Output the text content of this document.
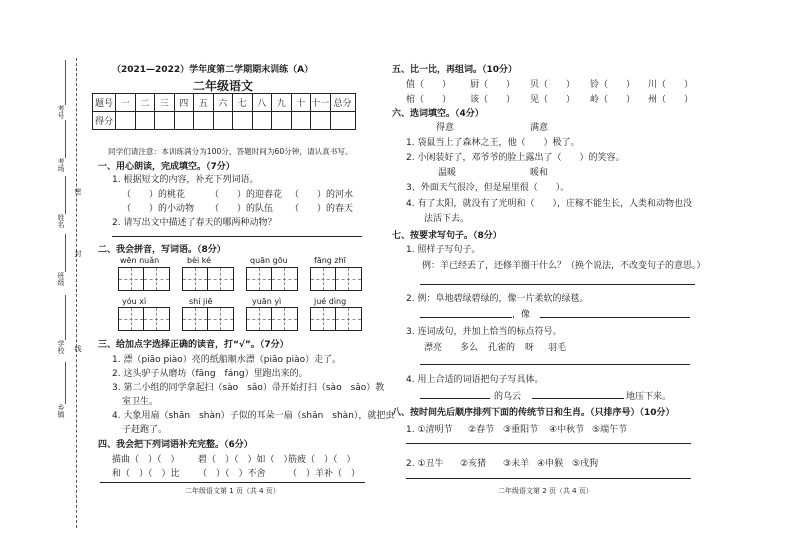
考号
考场
密
姓名
封
班级
线
学校
乡镇
（2021—2022）学年度第二学期期末训练（A）
二年级语文
题号	一	二	三	四	五	六	七	八	九	十	十一	总分
得分												
同学们请注意：本训练满分为100分，答题时间为60分钟，请认真书写。
一、用心朗读，完成填空。（7分）
1. 根据短文的内容，补充下列词语。
（　　）的桃花	（　　）的迎春花 （　　）的河水
（　　）的小动物 （　　）的队伍 （　　）的春天
2. 请写出文中描述了春天的哪两种动物？
二、我会拼音，写词语。（8分）
wēn nuǎn	bèi ké	quān gōu	fāng zhī
yóu xì	shí jiē	yuān yì	jué dìng
三、给加点字选择正确的读音，打“√”。（7分）
1. 漂（piāo piào）亮的纸船顺水漂（piāo piào）走了。
2. 这头驴子从磨坊（fāng　fáng）里跑出来的。
3. 第二小组的同学拿起扫（sào　sǎo）帚开始打扫（sào　sǎo）教
室卫生。
4. 大象用扇（shān　shàn）子似的耳朵一扇（shān　shàn），就把虫
子赶跑了。
四、我会把下列词语补充完整。（6分）
描曲（　）（　） 碧（　）（　）如（　）
筋疲（　）（　）
和（　）（　）比 （　）（　）不舍 （　）羊补（　）
二年级语文第 1 页（共 4 页）
五、比一比，再组词。（10分）
值（　　） 厨（　　） 贝（　　） 铃（　　） 川（　　）
棺（　　） 该（　　） 见（　　） 岭（　　） 州（　　）
六、选词填空。（4分）
得意	满意
1. 袋鼠当上了森林之王，他（　　）极了。
2. 小闲装好了，邓爷爷的脸上露出了（　　）的笑容。
温暖	暖和
3、外面天气很冷，但是屋里很（　　）。
4. 有了太阳，就没有了光明和（　　），庄稼不能生长，人类和动物也没
法活下去。
七、按要求写句子。（8分）
1. 照样子写句子。
例：羊已经丢了，还修羊圈干什么？（换个说法，不改变句子的意思。）
2. 例：阜地碧绿碧绿的，像一片柔软的绿毯。
，像
3. 连词成句，并加上恰当的标点符号。
漂亮 多么 孔雀的 呀 羽毛
4. 用上合适的词语把句子写具体。
的乌云	地压下来。
八、按时间先后顺序排列下面的传统节日和生肖。（只排序号）（10分）
1. ①清明节 ②春节 ③重阳节 ④中秋节 ⑤端午节
2. ①丑牛 ②亥猪 ③未羊 ④申猴 ⑤戌狗
二年级语文第 2 页（共 4 页）
